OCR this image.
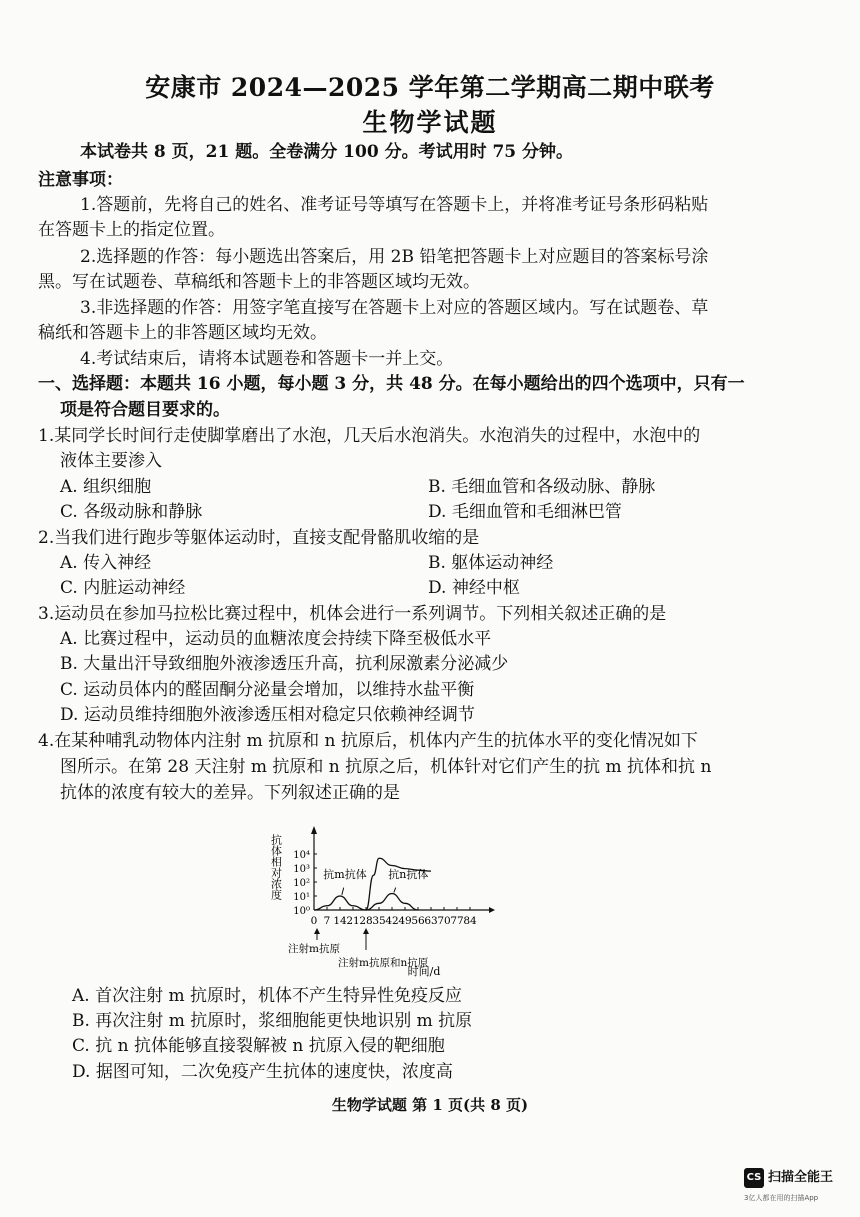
安康市 2024—2025 学年第二学期高二期中联考
生物学试题
本试卷共 8 页，21 题。全卷满分 100 分。考试用时 75 分钟。
注意事项：
1.答题前，先将自己的姓名、准考证号等填写在答题卡上，并将准考证号条形码粘贴
在答题卡上的指定位置。
2.选择题的作答：每小题选出答案后，用 2B 铅笔把答题卡上对应题目的答案标号涂
黑。写在试题卷、草稿纸和答题卡上的非答题区域均无效。
3.非选择题的作答：用签字笔直接写在答题卡上对应的答题区域内。写在试题卷、草
稿纸和答题卡上的非答题区域均无效。
4.考试结束后，请将本试题卷和答题卡一并上交。
一、选择题：本题共 16 小题，每小题 3 分，共 48 分。在每小题给出的四个选项中，只有一
项是符合题目要求的。
1.某同学长时间行走使脚掌磨出了水泡，几天后水泡消失。水泡消失的过程中，水泡中的
液体主要渗入
A. 组织细胞	B. 毛细血管和各级动脉、静脉
C. 各级动脉和静脉	D. 毛细血管和毛细淋巴管
2.当我们进行跑步等躯体运动时，直接支配骨骼肌收缩的是
A. 传入神经	B. 躯体运动神经
C. 内脏运动神经	D. 神经中枢
3.运动员在参加马拉松比赛过程中，机体会进行一系列调节。下列相关叙述正确的是
A. 比赛过程中，运动员的血糖浓度会持续下降至极低水平
B. 大量出汗导致细胞外液渗透压升高，抗利尿激素分泌减少
C. 运动员体内的醛固酮分泌量会增加，以维持水盐平衡
D. 运动员维持细胞外液渗透压相对稳定只依赖神经调节
4.在某种哺乳动物体内注射 m 抗原和 n 抗原后，机体内产生的抗体水平的变化情况如下
图所示。在第 28 天注射 m 抗原和 n 抗原之后，机体针对它们产生的抗 m 抗体和抗 n
抗体的浓度有较大的差异。下列叙述正确的是
抗体相对浓度
10⁰
10¹
10²
10³
10⁴
0 7 14 21 28 35 42 49 56 63 70 77 84
时间/d
抗m抗体 抗n抗体
注射m抗原
注射m抗原和n抗原
A. 首次注射 m 抗原时，机体不产生特异性免疫反应
B. 再次注射 m 抗原时，浆细胞能更快地识别 m 抗原
C. 抗 n 抗体能够直接裂解被 n 抗原入侵的靶细胞
D. 据图可知，二次免疫产生抗体的速度快，浓度高
生物学试题 第 1 页(共 8 页)
CS 扫描全能王
3亿人都在用的扫描App
